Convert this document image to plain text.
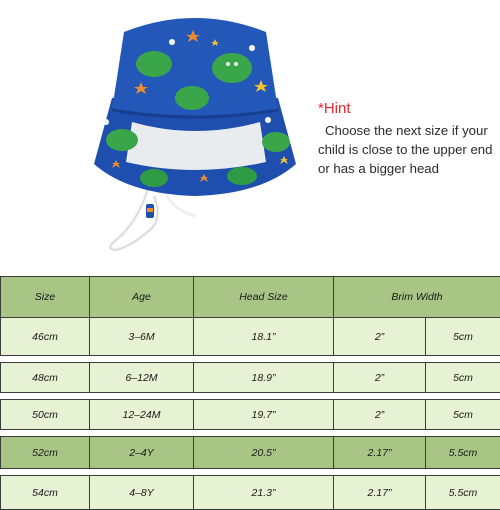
*Hint
Choose the next size if your
child is close to the upper end
or has a bigger head
Size	Age	Head Size	Brim Width	
46cm	3–6M	18.1”	2”	5cm

48cm	6–12M	18.9”	2”	5cm

50cm	12–24M	19.7”	2”	5cm

52cm	2–4Y	20.5”	2.17”	5.5cm

54cm	4–8Y	21.3”	2.17”	5.5cm
